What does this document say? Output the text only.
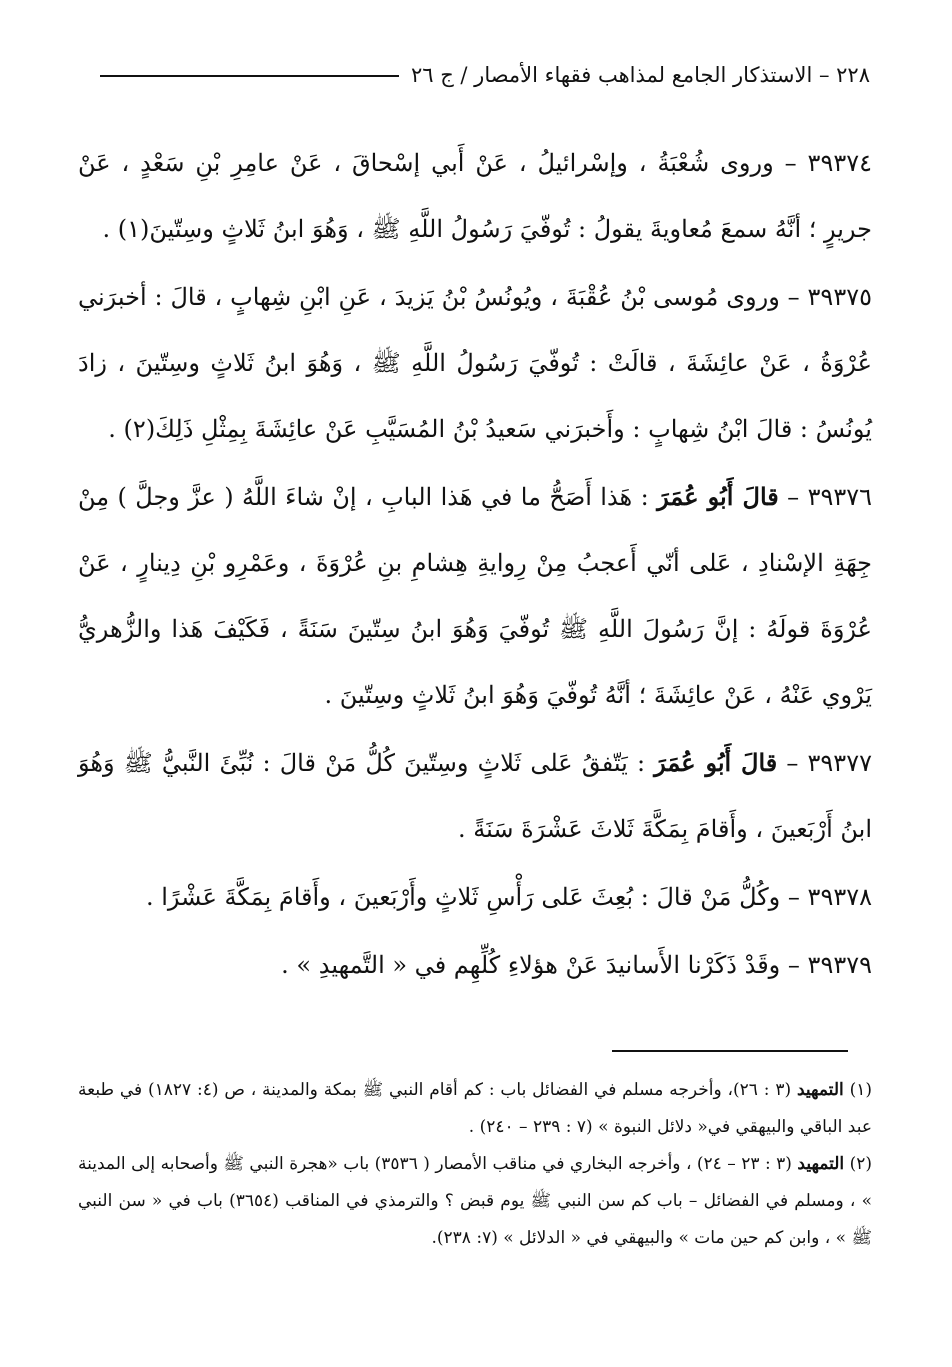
٢٢٨ – الاستذكار الجامع لمذاهب فقهاء الأمصار / ج ٢٦

٣٩٣٧٤ – وروى شُعْبَةُ ، وإسْرائيلُ ، عَنْ أَبي إسْحاقَ ، عَنْ عامِرِ بْنِ سَعْدٍ ، عَنْ جريرٍ ؛ أنَّهُ سمعَ مُعاويةَ يقولُ : تُوفّيَ رَسُولُ اللَّهِ ﷺ ، وَهُوَ ابنُ ثَلاثٍ وسِتّينَ(١) .

٣٩٣٧٥ – وروى مُوسى بْنُ عُقْبَةَ ، ويُونُسُ بْنُ يَزيدَ ، عَنِ ابْنِ شِهابٍ ، قالَ : أخبرَني عُرْوَةُ ، عَنْ عائِشَةَ ، قالَتْ : تُوفّيَ رَسُولُ اللَّهِ ﷺ ، وَهُوَ ابنُ ثَلاثٍ وسِتّينَ ، زادَ يُونُسُ : قالَ ابْنُ شِهابٍ : وأَخبرَني سَعيدُ بْنُ المُسَيَّبِ عَنْ عائِشَةَ بِمِثْلِ ذَلِكَ(٢) .

٣٩٣٧٦ – قالَ أَبُو عُمَرَ : هَذا أَصَحُّ ما في هَذا البابِ ، إنْ شاءَ اللَّهُ ( عزَّ وجلَّ ) مِنْ جِهَةِ الإسْنادِ ، عَلى أنّي أَعجبُ مِنْ رِوايةِ هِشامِ بنِ عُرْوَةَ ، وعَمْرِو بْنِ دِينارٍ ، عَنْ عُرْوَةَ قولَهُ : إنَّ رَسُولَ اللَّهِ ﷺ تُوفّيَ وَهُوَ ابنُ سِتّينَ سَنَةً ، فَكَيْفَ هَذا والزُّهريُّ يَرْوي عَنْهُ ، عَنْ عائِشَةَ ؛ أنَّهُ تُوفّيَ وَهُوَ ابنُ ثَلاثٍ وسِتّينَ .

٣٩٣٧٧ – قالَ أَبُو عُمَرَ : يَتّفقُ عَلى ثَلاثٍ وسِتّينَ كُلُّ مَنْ قالَ : نُبِّئَ النَّبيُّ ﷺ وَهُوَ ابنُ أَرْبَعينَ ، وأَقامَ بِمَكَّةَ ثَلاثَ عَشْرَةَ سَنَةً .

٣٩٣٧٨ – وكُلُّ مَنْ قالَ : بُعِثَ عَلى رَأْسِ ثَلاثٍ وأَرْبَعينَ ، وأَقامَ بِمَكَّةَ عَشْرًا .

٣٩٣٧٩ – وقَدْ ذَكَرْنا الأَسانيدَ عَنْ هؤلاءِ كُلِّهِم في « التَّمهيدِ » .

(١) التمهيد (٣ : ٢٦)، وأخرجه مسلم في الفضائل باب : كم أقام النبي ﷺ بمكة والمدينة ، ص (٤: ١٨٢٧) في طبعة عبد الباقي والبيهقي في« دلائل النبوة » (٧ : ٢٣٩ – ٢٤٠) .

(٢) التمهيد (٣ : ٢٣ – ٢٤) ، وأخرجه البخاري في مناقب الأمصار ( ٣٥٣٦) باب «هجرة النبي ﷺ وأصحابه إلى المدينة » ، ومسلم في الفضائل – باب كم سن النبي ﷺ يوم قبض ؟ والترمذي في المناقب (٣٦٥٤) باب في « سن النبي ﷺ » ، وابن كم حين مات » والبيهقي في « الدلائل » (٧: ٢٣٨).
